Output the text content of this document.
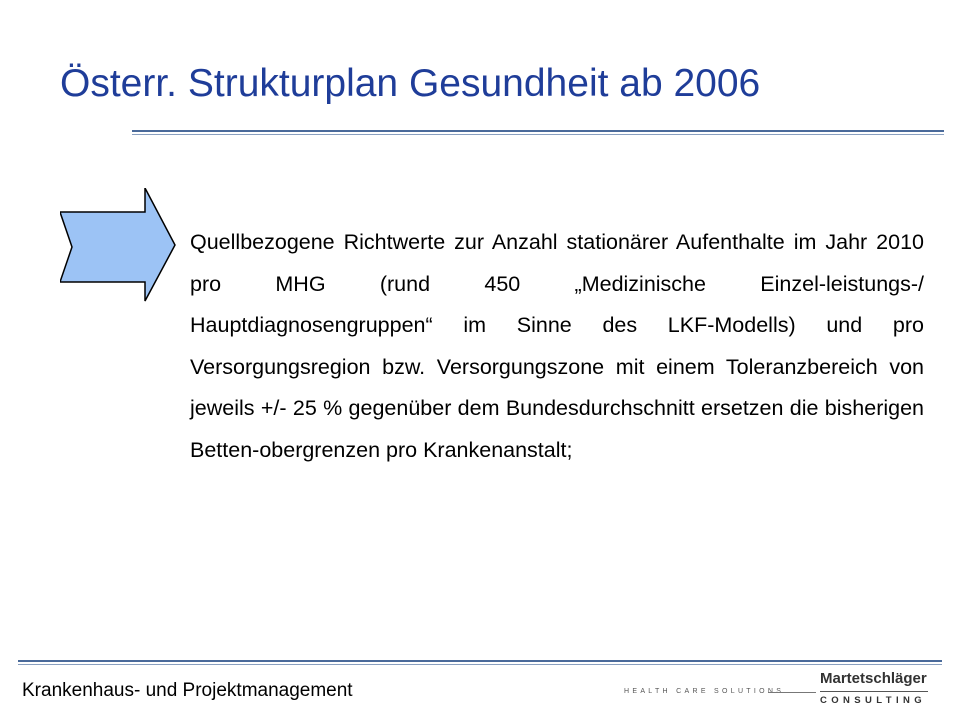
Österr. Strukturplan Gesundheit ab 2006

Quellbezogene Richtwerte zur Anzahl stationärer Aufenthalte im Jahr 2010 pro MHG (rund 450 „Medizinische Einzel-leistungs-/ Hauptdiagnosengruppen“ im Sinne des LKF-Modells) und pro Versorgungsregion bzw. Versorgungszone mit einem Toleranzbereich von jeweils +/- 25 % gegenüber dem Bundesdurchschnitt ersetzen die bisherigen Betten-obergrenzen pro Krankenanstalt;

Krankenhaus- und Projektmanagement	HEALTH CARE SOLUTIONS
Martetschläger
CONSULTING
